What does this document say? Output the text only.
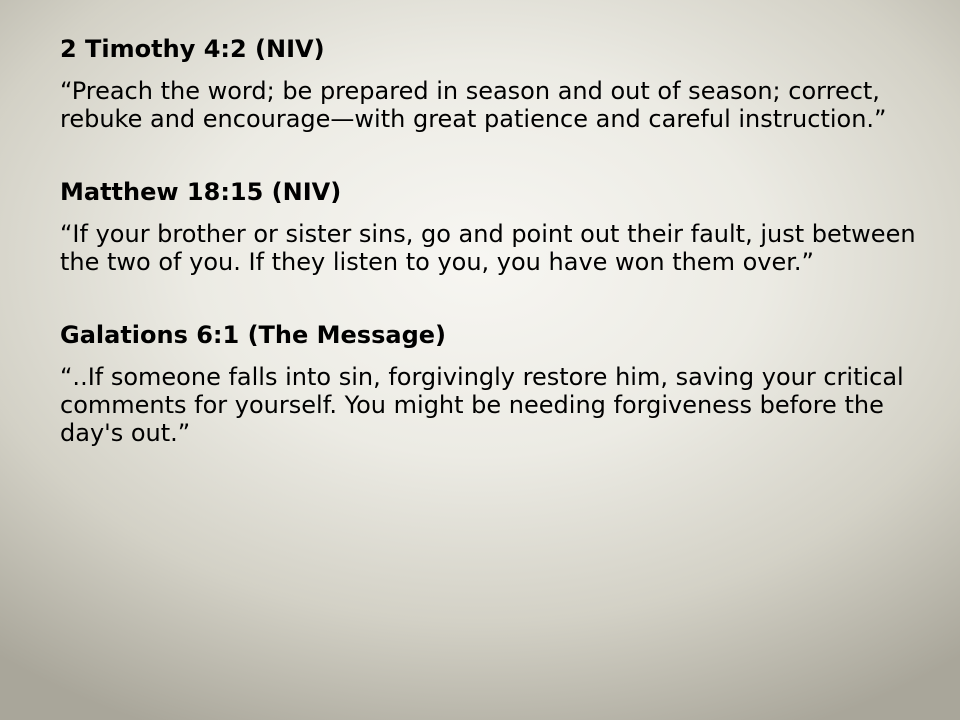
2 Timothy 4:2 (NIV)

“Preach the word; be prepared in season and out of season; correct, rebuke and encourage—with great patience and careful instruction.”

Matthew 18:15 (NIV)

“If your brother or sister sins, go and point out their fault, just between the two of you. If they listen to you, you have won them over.”

Galations 6:1 (The Message)

“..If someone falls into sin, forgivingly restore him, saving your critical comments for yourself. You might be needing forgiveness before the day's out.”
